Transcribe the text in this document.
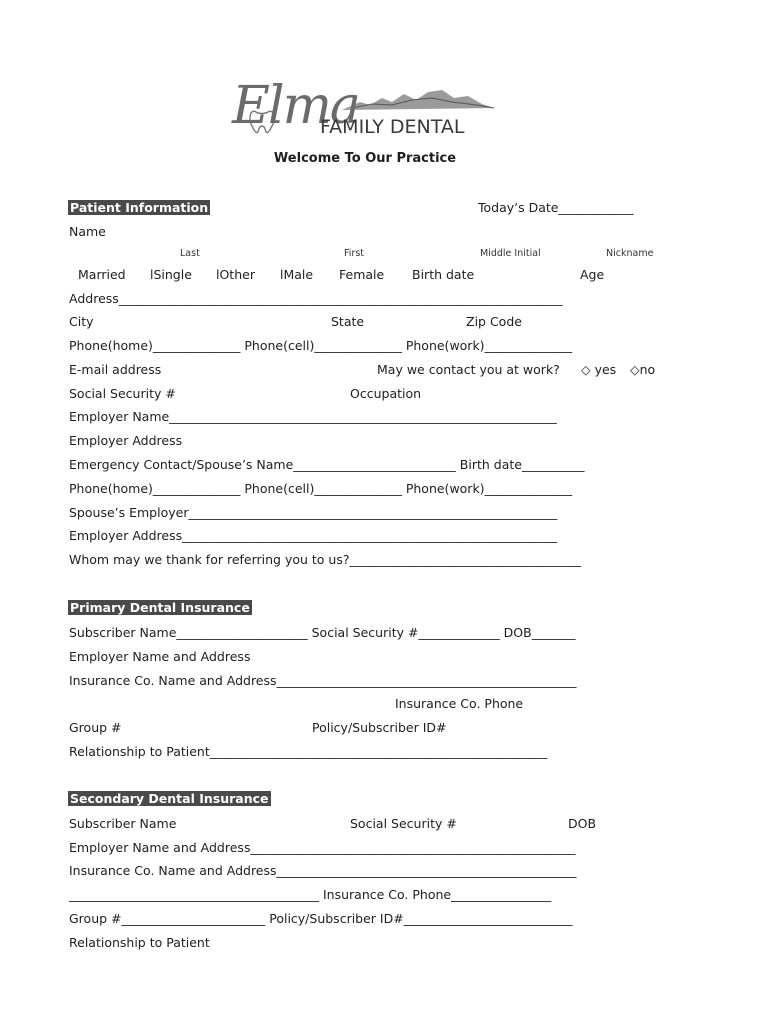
Elma
FAMILY DENTAL
Welcome To Our Practice
Patient Information	Today’s Date____________
Name
Last	First	Middle Initial	Nickname
Married lSingle lOther lMale Female Birth date	Age
Address_______________________________________________________________________
City	State	Zip Code
Phone(home)______________ Phone(cell)______________ Phone(work)______________
E-mail address	May we contact you at work? ◇ yes ◇no
Social Security #	Occupation
Employer Name______________________________________________________________
Employer Address
Emergency Contact/Spouse’s Name__________________________ Birth date__________
Phone(home)______________ Phone(cell)______________ Phone(work)______________
Spouse’s Employer___________________________________________________________
Employer Address____________________________________________________________
Whom may we thank for referring you to us?_____________________________________
Primary Dental Insurance
Subscriber Name_____________________ Social Security #_____________ DOB_______
Employer Name and Address
Insurance Co. Name and Address________________________________________________
Insurance Co. Phone
Group #	Policy/Subscriber ID#
Relationship to Patient______________________________________________________
Secondary Dental Insurance
Subscriber Name	Social Security #	DOB
Employer Name and Address____________________________________________________
Insurance Co. Name and Address________________________________________________
________________________________________ Insurance Co. Phone________________
Group #_______________________ Policy/Subscriber ID#___________________________
Relationship to Patient
